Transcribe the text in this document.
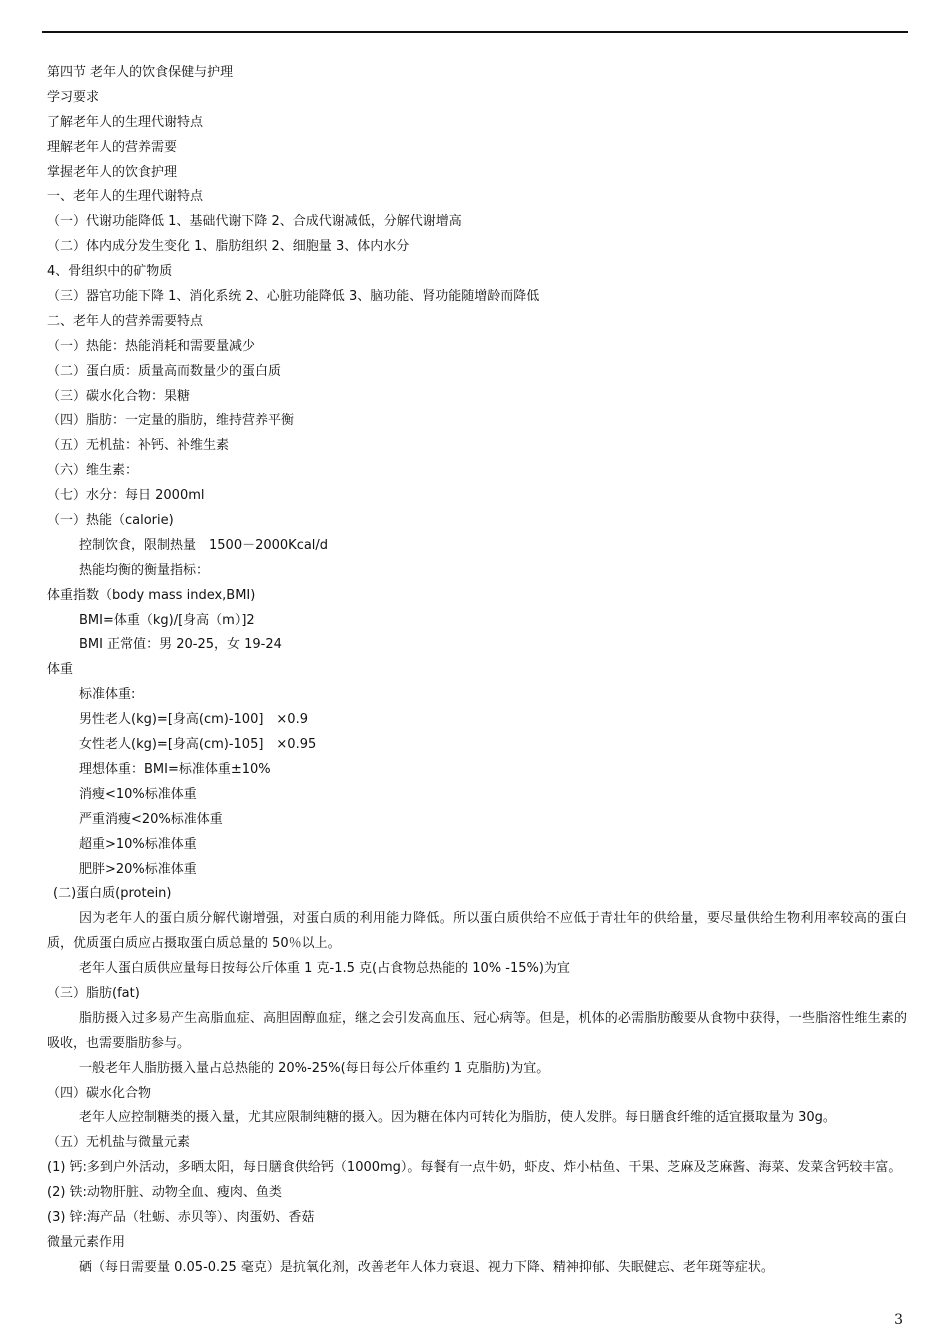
第四节 老年人的饮食保健与护理
学习要求
了解老年人的生理代谢特点
理解老年人的营养需要
掌握老年人的饮食护理
一、老年人的生理代谢特点
（一）代谢功能降低 1、基础代谢下降 2、合成代谢减低，分解代谢增高
（二）体内成分发生变化 1、脂肪组织 2、细胞量 3、体内水分
4、骨组织中的矿物质
（三）器官功能下降 1、消化系统 2、心脏功能降低 3、脑功能、肾功能随增龄而降低
二、老年人的营养需要特点
（一）热能：热能消耗和需要量减少
（二）蛋白质：质量高而数量少的蛋白质
（三）碳水化合物：果糖
（四）脂肪：一定量的脂肪，维持营养平衡
（五）无机盐：补钙、补维生素
（六）维生素：
（七）水分：每日 2000ml
（一）热能（calorie)
控制饮食，限制热量　1500－2000Kcal/d
热能均衡的衡量指标：
体重指数（body mass index,BMI)
BMI=体重（kg)/[身高（m）]2
BMI 正常值：男 20-25，女 19-24
体重
标准体重:
男性老人(kg)=[身高(cm)-100]　×0.9
女性老人(kg)=[身高(cm)-105]　×0.95
理想体重：BMI=标准体重±10%
消瘦<10%标准体重
严重消瘦<20%标准体重
超重>10%标准体重
肥胖>20%标准体重
(二)蛋白质(protein)
因为老年人的蛋白质分解代谢增强，对蛋白质的利用能力降低。所以蛋白质供给不应低于青壮年的供给量，要尽量供给生物利用率较高的蛋白质，优质蛋白质应占摄取蛋白质总量的 50％以上。
老年人蛋白质供应量每日按每公斤体重 1 克-1.5 克(占食物总热能的 10% -15%)为宜
（三）脂肪(fat)
脂肪摄入过多易产生高脂血症、高胆固醇血症，继之会引发高血压、冠心病等。但是，机体的必需脂肪酸要从食物中获得，一些脂溶性维生素的吸收，也需要脂肪参与。
一般老年人脂肪摄入量占总热能的 20%-25%(每日每公斤体重约 1 克脂肪)为宜。
（四）碳水化合物
老年人应控制糖类的摄入量，尤其应限制纯糖的摄入。因为糖在体内可转化为脂肪，使人发胖。每日膳食纤维的适宜摄取量为 30g。
（五）无机盐与微量元素
(1) 钙:多到户外活动，多晒太阳，每日膳食供给钙（1000mg）。每餐有一点牛奶，虾皮、炸小枯鱼、干果、芝麻及芝麻酱、海菜、发菜含钙较丰富。
(2) 铁:动物肝脏、动物全血、瘦肉、鱼类
(3) 锌:海产品（牡蛎、赤贝等）、肉蛋奶、香菇
微量元素作用
硒（每日需要量 0.05-0.25 毫克）是抗氧化剂，改善老年人体力衰退、视力下降、精神抑郁、失眠健忘、老年斑等症状。
3
